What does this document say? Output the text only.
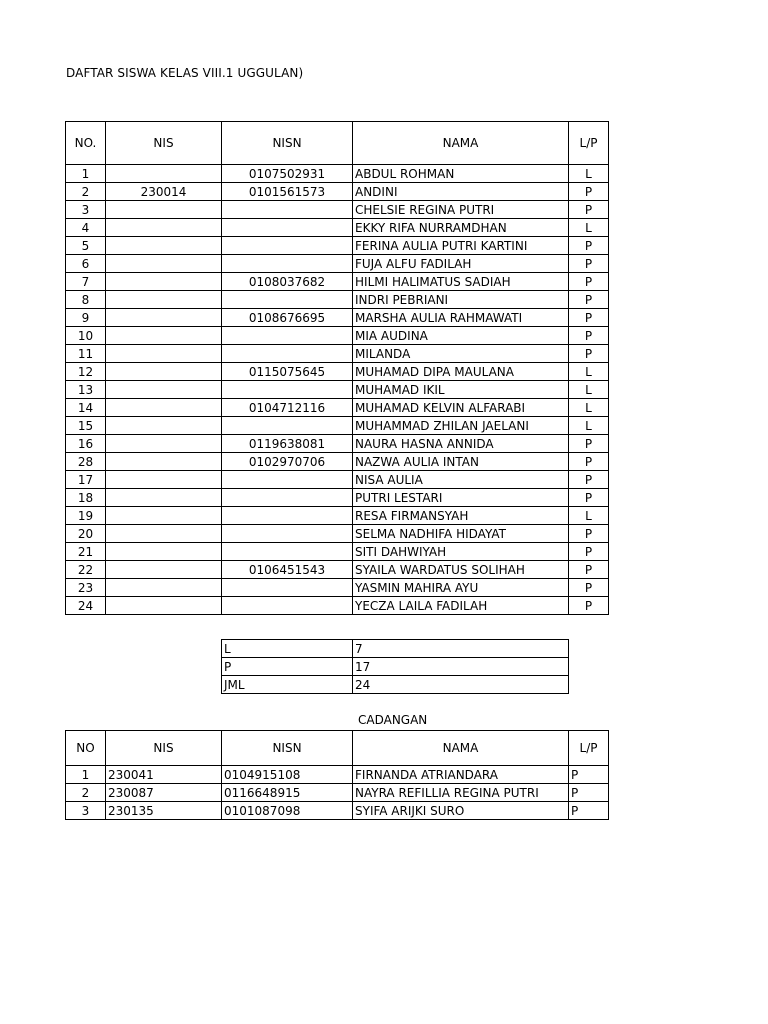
DAFTAR SISWA KELAS VIII.1 UGGULAN)
NO.	NIS	NISN	NAMA	L/P
1		0107502931	ABDUL ROHMAN	L
2	230014	0101561573	ANDINI	P
3			CHELSIE REGINA PUTRI	P
4			EKKY RIFA NURRAMDHAN	L
5			FERINA AULIA PUTRI KARTINI	P
6			FUJA ALFU FADILAH	P
7		0108037682	HILMI HALIMATUS SADIAH	P
8			INDRI PEBRIANI	P
9		0108676695	MARSHA AULIA RAHMAWATI	P
10			MIA AUDINA	P
11			MILANDA	P
12		0115075645	MUHAMAD DIPA MAULANA	L
13			MUHAMAD IKIL	L
14		0104712116	MUHAMAD KELVIN ALFARABI	L
15			MUHAMMAD ZHILAN JAELANI	L
16		0119638081	NAURA HASNA ANNIDA	P
28		0102970706	NAZWA AULIA INTAN	P
17			NISA AULIA	P
18			PUTRI LESTARI	P
19			RESA FIRMANSYAH	L
20			SELMA NADHIFA HIDAYAT	P
21			SITI DAHWIYAH	P
22		0106451543	SYAILA WARDATUS SOLIHAH	P
23			YASMIN MAHIRA AYU	P
24			YECZA LAILA FADILAH	P
L	7
P	17
JML	24
CADANGAN
NO	NIS	NISN	NAMA	L/P
1	230041	0104915108	FIRNANDA ATRIANDARA	P
2	230087	0116648915	NAYRA REFILLIA REGINA PUTRI	P
3	230135	0101087098	SYIFA ARIJKI SURO	P
